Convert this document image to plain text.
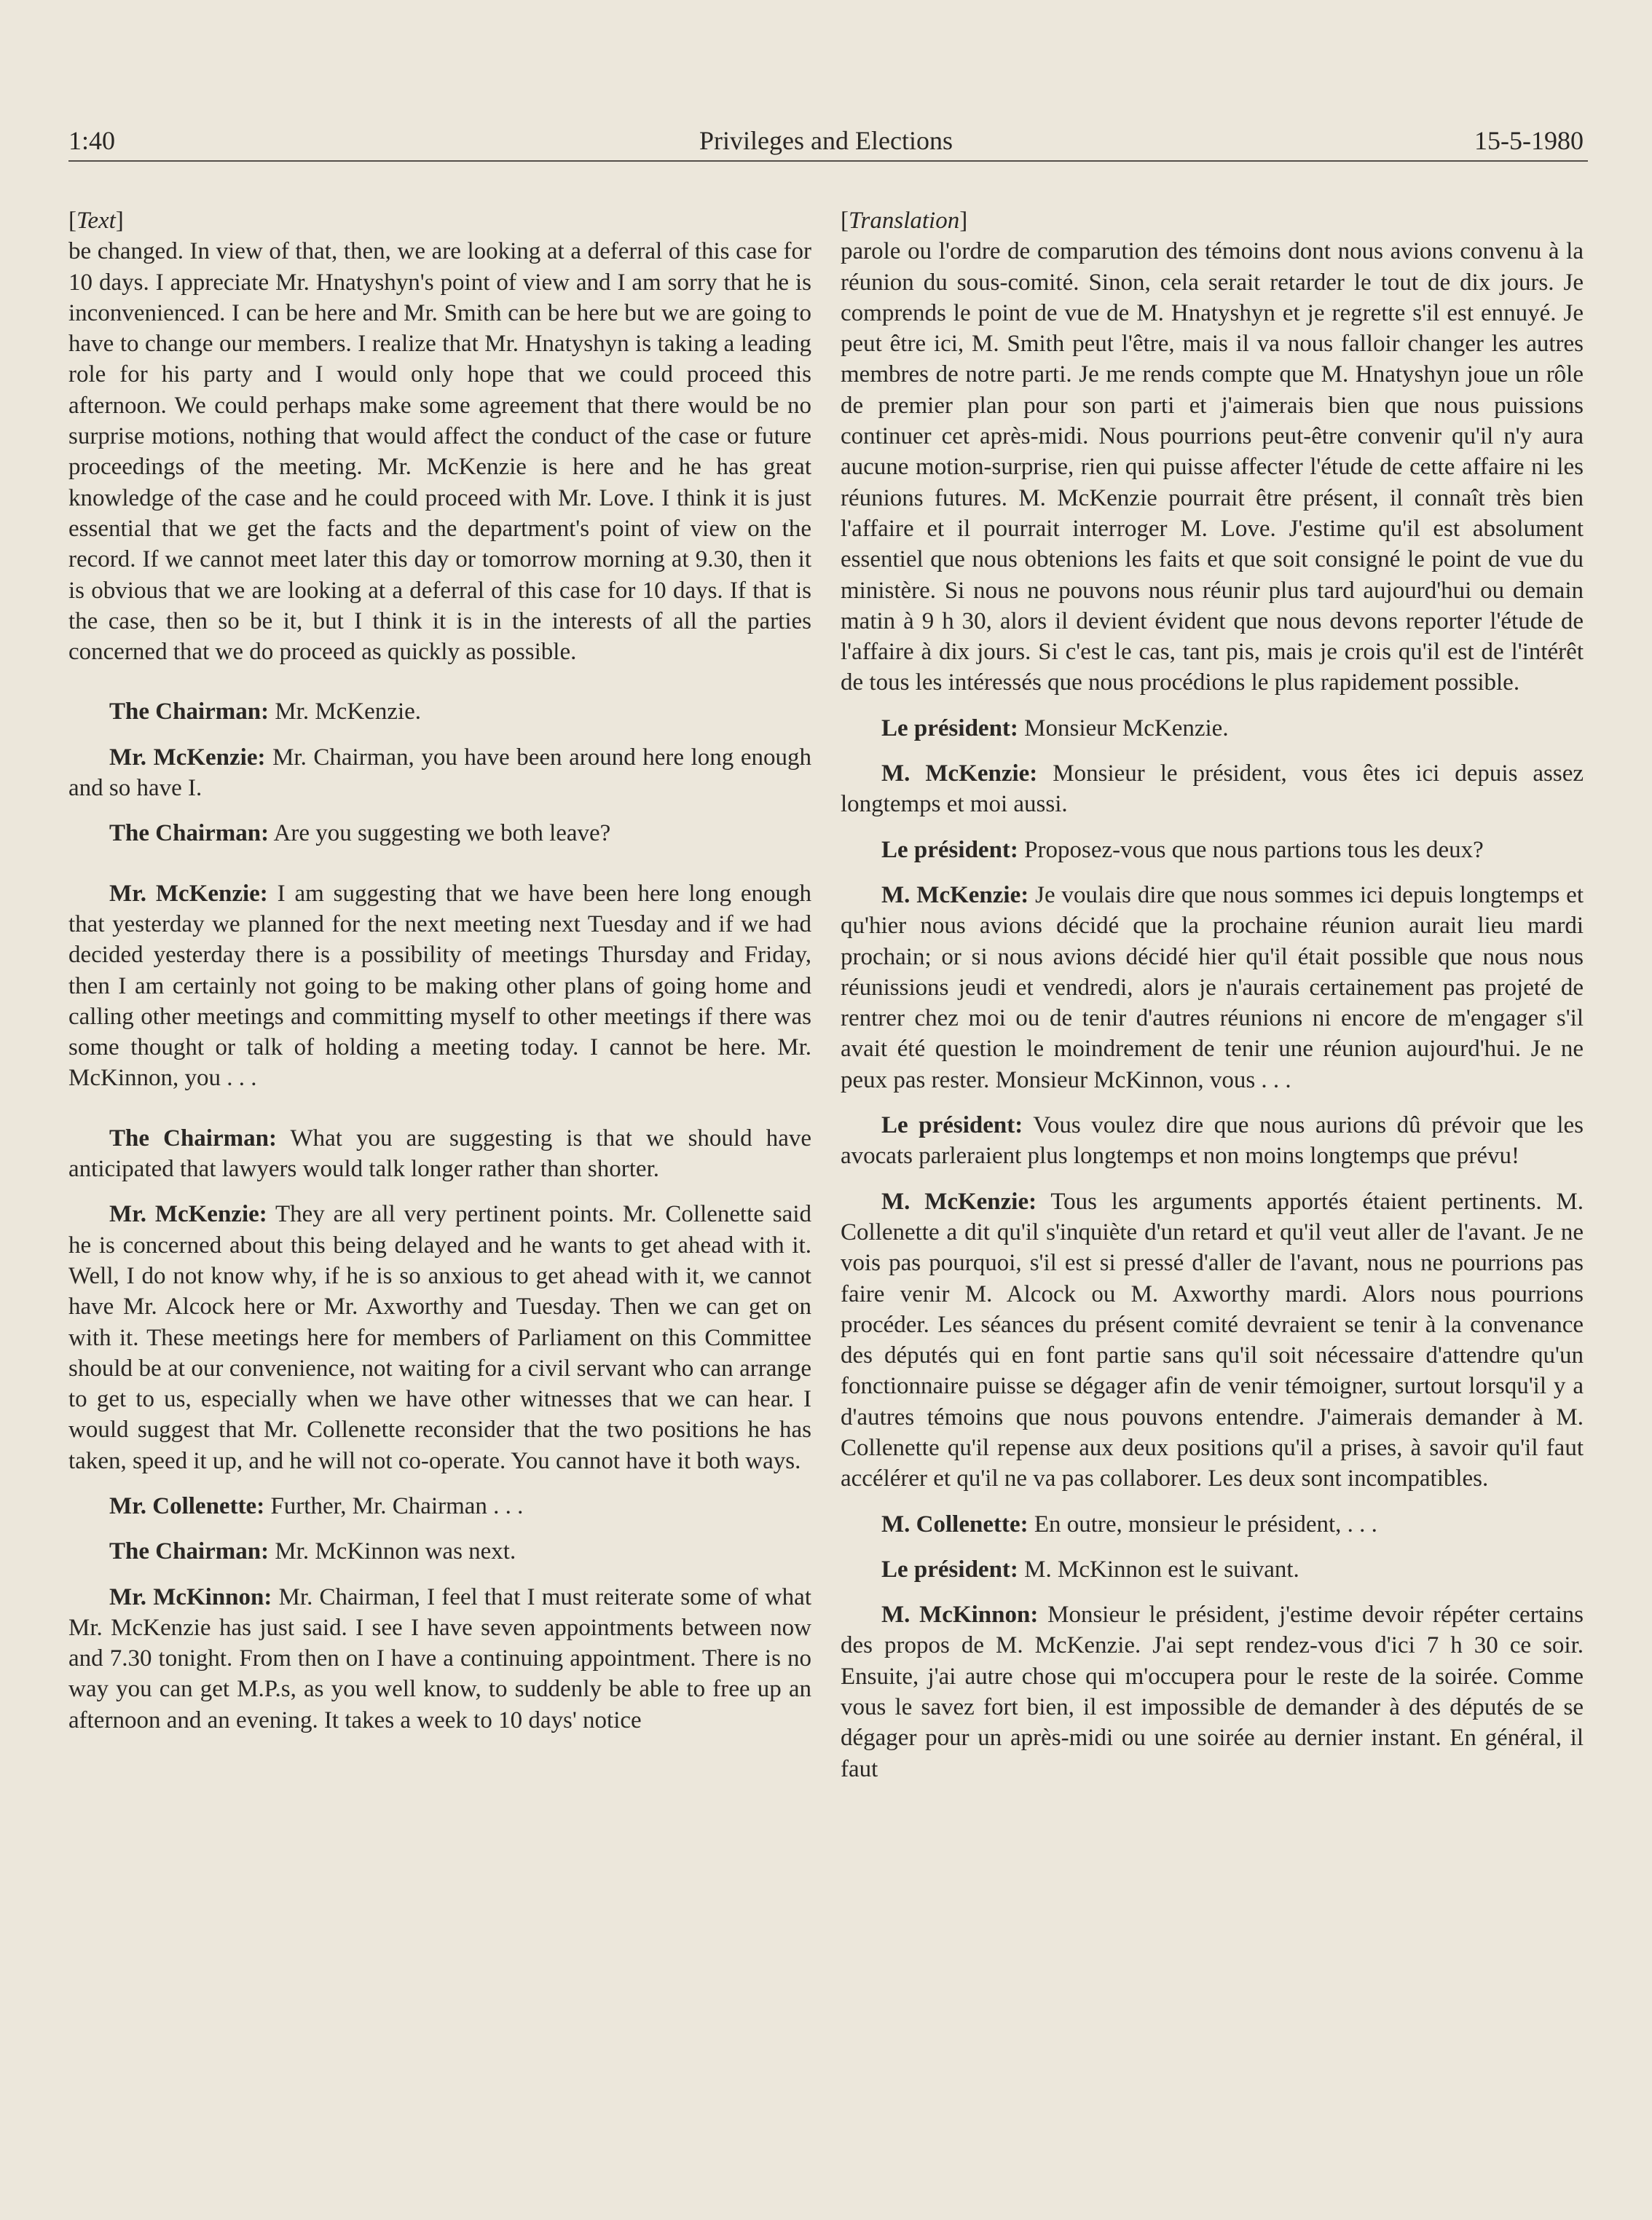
1:40	Privileges and Elections	15-5-1980

[Text]

be changed. In view of that, then, we are looking at a deferral of this case for 10 days. I appreciate Mr. Hnatyshyn's point of view and I am sorry that he is inconvenienced. I can be here and Mr. Smith can be here but we are going to have to change our members. I realize that Mr. Hnatyshyn is taking a leading role for his party and I would only hope that we could proceed this afternoon. We could perhaps make some agreement that there would be no surprise motions, nothing that would affect the conduct of the case or future proceedings of the meeting. Mr. McKenzie is here and he has great knowledge of the case and he could proceed with Mr. Love. I think it is just essential that we get the facts and the department's point of view on the record. If we cannot meet later this day or tomorrow morning at 9.30, then it is obvious that we are looking at a deferral of this case for 10 days. If that is the case, then so be it, but I think it is in the interests of all the parties concerned that we do proceed as quickly as possible.

The Chairman: Mr. McKenzie.

Mr. McKenzie: Mr. Chairman, you have been around here long enough and so have I.

The Chairman: Are you suggesting we both leave?

Mr. McKenzie: I am suggesting that we have been here long enough that yesterday we planned for the next meeting next Tuesday and if we had decided yesterday there is a possibility of meetings Thursday and Friday, then I am certainly not going to be making other plans of going home and calling other meetings and committing myself to other meetings if there was some thought or talk of holding a meeting today. I cannot be here. Mr. McKinnon, you . . .

The Chairman: What you are suggesting is that we should have anticipated that lawyers would talk longer rather than shorter.

Mr. McKenzie: They are all very pertinent points. Mr. Collenette said he is concerned about this being delayed and he wants to get ahead with it. Well, I do not know why, if he is so anxious to get ahead with it, we cannot have Mr. Alcock here or Mr. Axworthy and Tuesday. Then we can get on with it. These meetings here for members of Parliament on this Committee should be at our convenience, not waiting for a civil servant who can arrange to get to us, especially when we have other witnesses that we can hear. I would suggest that Mr. Collenette reconsider that the two positions he has taken, speed it up, and he will not co-operate. You cannot have it both ways.

Mr. Collenette: Further, Mr. Chairman . . .

The Chairman: Mr. McKinnon was next.

Mr. McKinnon: Mr. Chairman, I feel that I must reiterate some of what Mr. McKenzie has just said. I see I have seven appointments between now and 7.30 tonight. From then on I have a continuing appointment. There is no way you can get M.P.s, as you well know, to suddenly be able to free up an afternoon and an evening. It takes a week to 10 days' notice

[Translation]

parole ou l'ordre de comparution des témoins dont nous avions convenu à la réunion du sous-comité. Sinon, cela serait retarder le tout de dix jours. Je comprends le point de vue de M. Hnatyshyn et je regrette s'il est ennuyé. Je peut être ici, M. Smith peut l'être, mais il va nous falloir changer les autres membres de notre parti. Je me rends compte que M. Hnatyshyn joue un rôle de premier plan pour son parti et j'aimerais bien que nous puissions continuer cet après-midi. Nous pourrions peut-être convenir qu'il n'y aura aucune motion-surprise, rien qui puisse affecter l'étude de cette affaire ni les réunions futures. M. McKenzie pourrait être présent, il connaît très bien l'affaire et il pourrait interroger M. Love. J'estime qu'il est absolument essentiel que nous obtenions les faits et que soit consigné le point de vue du ministère. Si nous ne pouvons nous réunir plus tard aujourd'hui ou demain matin à 9 h 30, alors il devient évident que nous devons reporter l'étude de l'affaire à dix jours. Si c'est le cas, tant pis, mais je crois qu'il est de l'intérêt de tous les intéressés que nous procédions le plus rapidement possible.

Le président: Monsieur McKenzie.

M. McKenzie: Monsieur le président, vous êtes ici depuis assez longtemps et moi aussi.

Le président: Proposez-vous que nous partions tous les deux?

M. McKenzie: Je voulais dire que nous sommes ici depuis longtemps et qu'hier nous avions décidé que la prochaine réunion aurait lieu mardi prochain; or si nous avions décidé hier qu'il était possible que nous nous réunissions jeudi et vendredi, alors je n'aurais certainement pas projeté de rentrer chez moi ou de tenir d'autres réunions ni encore de m'engager s'il avait été question le moindrement de tenir une réunion aujourd'hui. Je ne peux pas rester. Monsieur McKinnon, vous . . .

Le président: Vous voulez dire que nous aurions dû prévoir que les avocats parleraient plus longtemps et non moins longtemps que prévu!

M. McKenzie: Tous les arguments apportés étaient pertinents. M. Collenette a dit qu'il s'inquiète d'un retard et qu'il veut aller de l'avant. Je ne vois pas pourquoi, s'il est si pressé d'aller de l'avant, nous ne pourrions pas faire venir M. Alcock ou M. Axworthy mardi. Alors nous pourrions procéder. Les séances du présent comité devraient se tenir à la convenance des députés qui en font partie sans qu'il soit nécessaire d'attendre qu'un fonctionnaire puisse se dégager afin de venir témoigner, surtout lorsqu'il y a d'autres témoins que nous pouvons entendre. J'aimerais demander à M. Collenette qu'il repense aux deux positions qu'il a prises, à savoir qu'il faut accélérer et qu'il ne va pas collaborer. Les deux sont incompatibles.

M. Collenette: En outre, monsieur le président, . . .

Le président: M. McKinnon est le suivant.

M. McKinnon: Monsieur le président, j'estime devoir répéter certains des propos de M. McKenzie. J'ai sept rendez-vous d'ici 7 h 30 ce soir. Ensuite, j'ai autre chose qui m'occupera pour le reste de la soirée. Comme vous le savez fort bien, il est impossible de demander à des députés de se dégager pour un après-midi ou une soirée au dernier instant. En général, il faut
